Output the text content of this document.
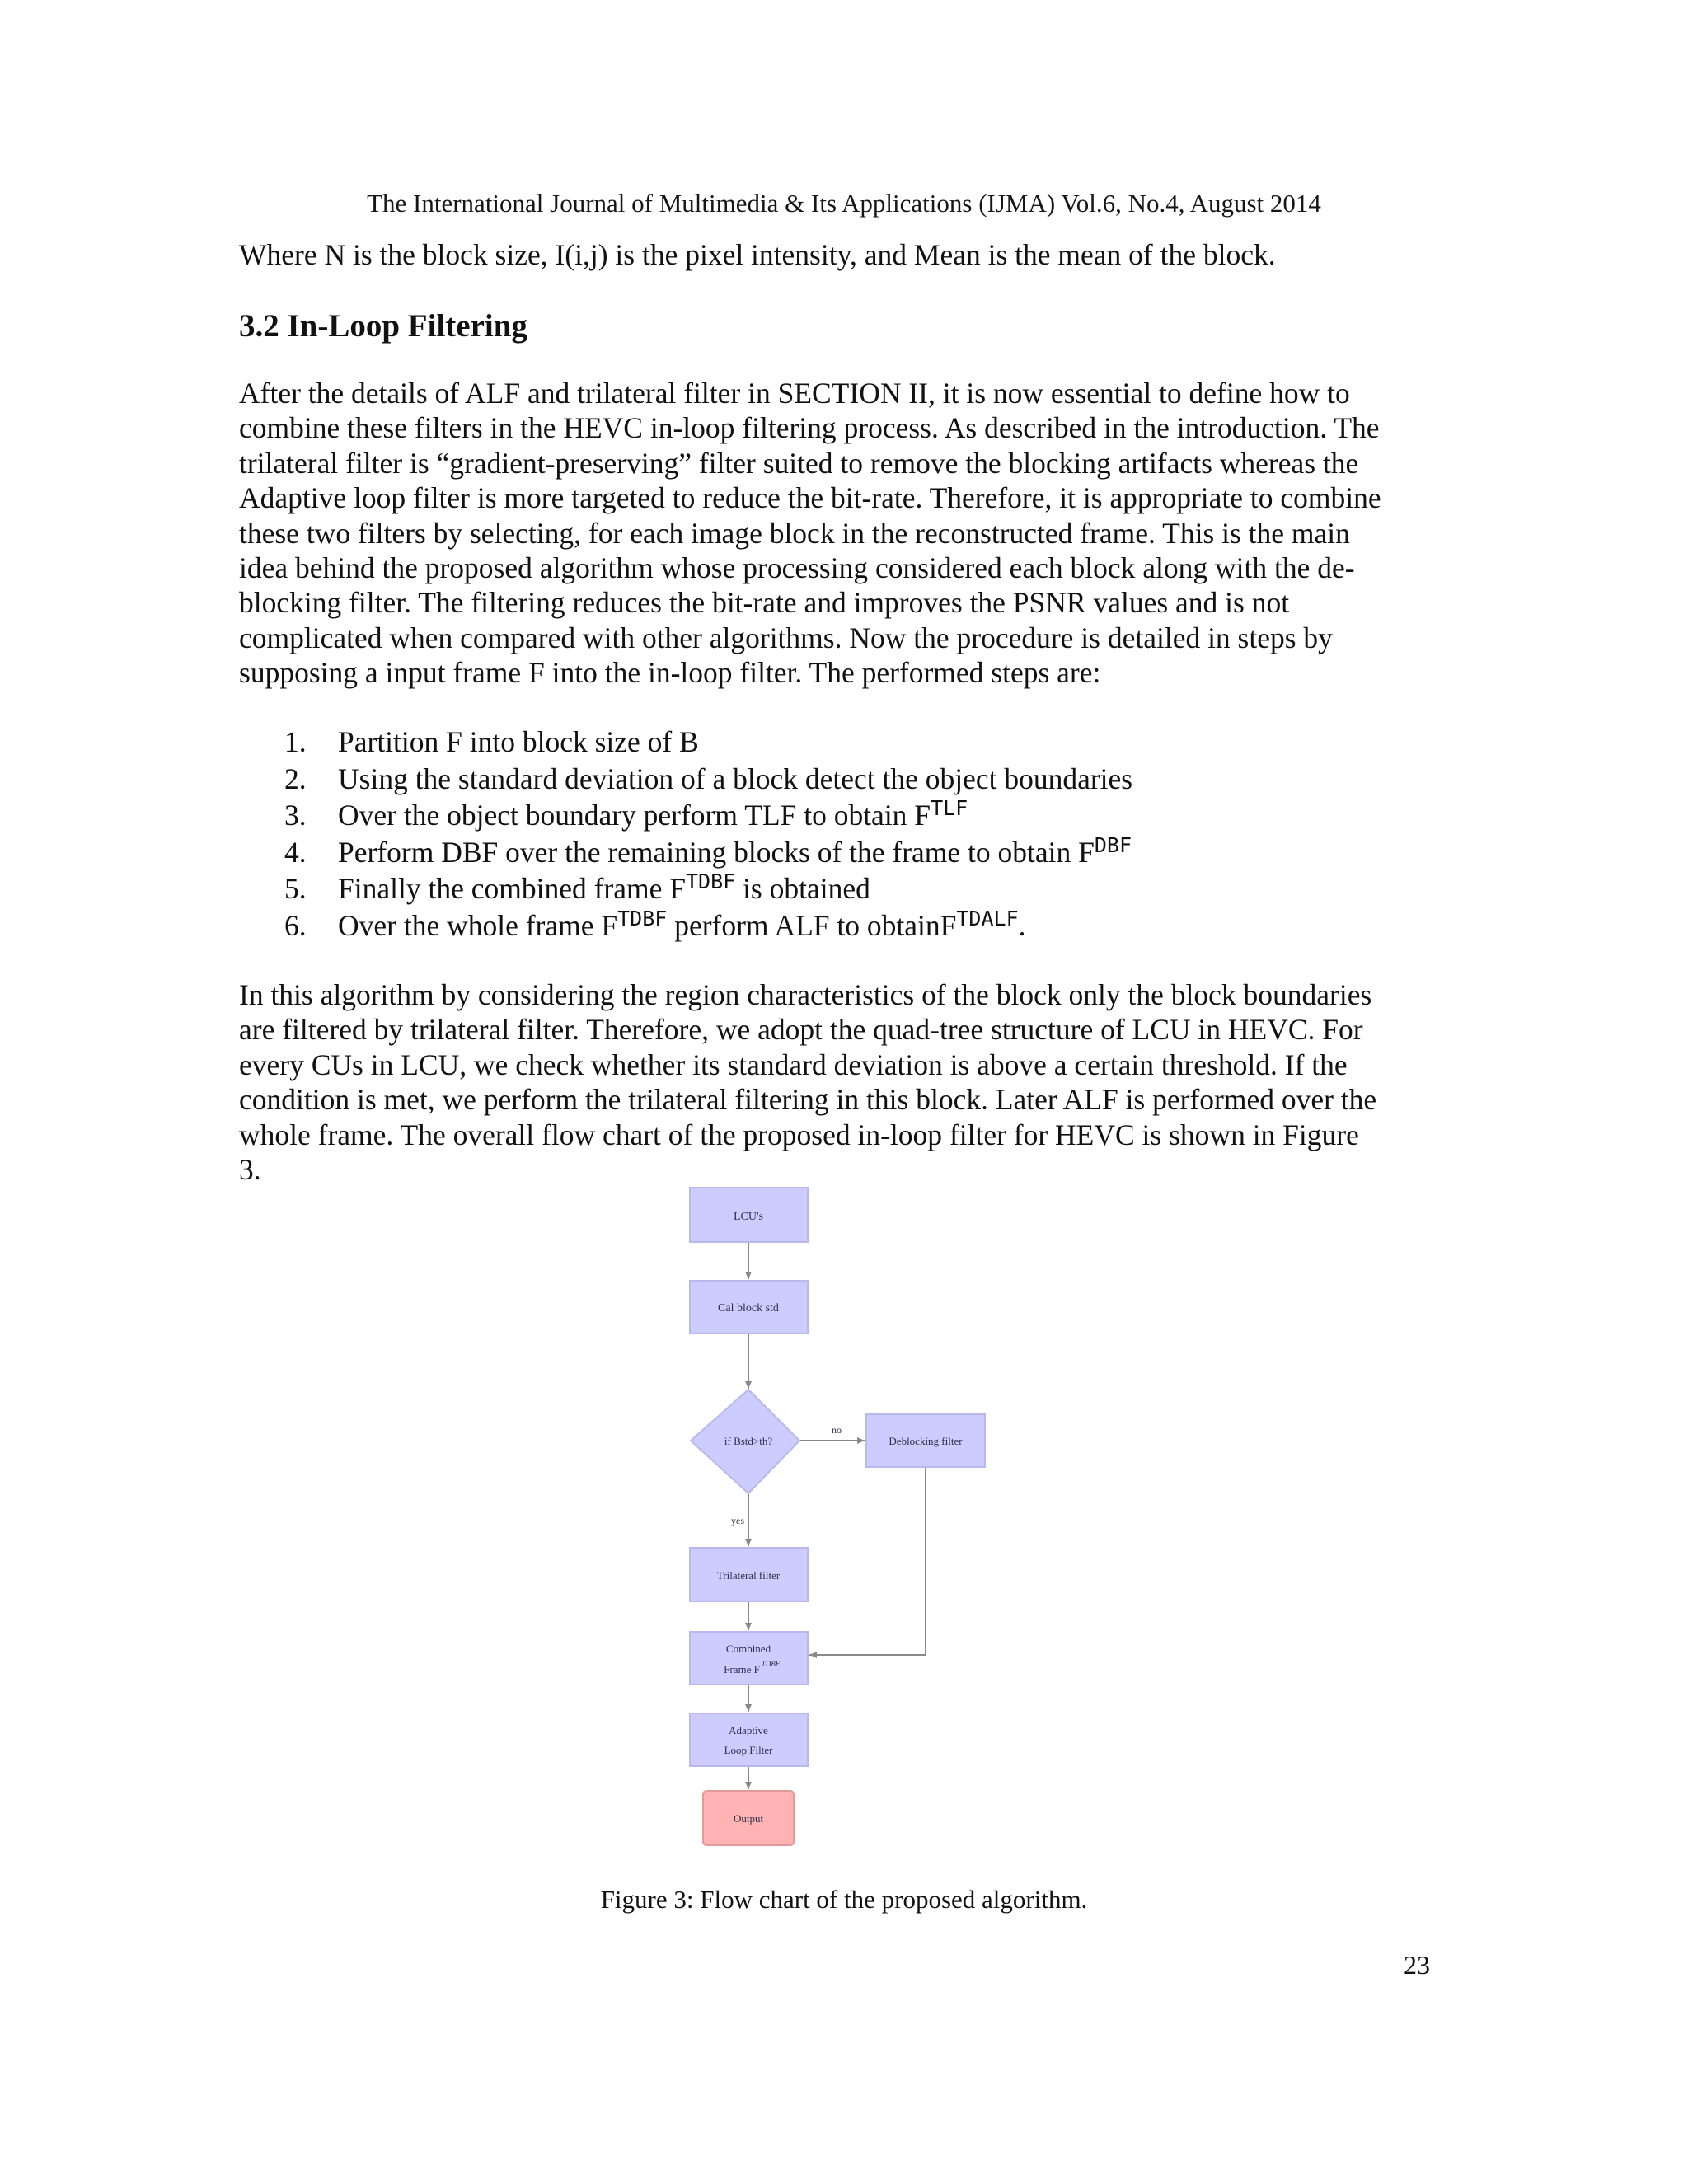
The International Journal of Multimedia & Its Applications (IJMA) Vol.6, No.4, August 2014
Where N is the block size, I(i,j) is the pixel intensity, and Mean is the mean of the block.
3.2 In-Loop Filtering
After the details of ALF and trilateral filter in SECTION II, it is now essential to define how to
combine these filters in the HEVC in-loop filtering process. As described in the introduction. The
trilateral filter is “gradient-preserving” filter suited to remove the blocking artifacts whereas the
Adaptive loop filter is more targeted to reduce the bit-rate. Therefore, it is appropriate to combine
these two filters by selecting, for each image block in the reconstructed frame. This is the main
idea behind the proposed algorithm whose processing considered each block along with the de-
blocking filter. The filtering reduces the bit-rate and improves the PSNR values and is not
complicated when compared with other algorithms. Now the procedure is detailed in steps by
supposing a input frame F into the in-loop filter. The performed steps are:
1. Partition F into block size of B
2. Using the standard deviation of a block detect the object boundaries
3. Over the object boundary perform TLF to obtain $F^{TLF}$
4. Perform DBF over the remaining blocks of the frame to obtain $F^{DBF}$
5. Finally the combined frame $F^{TDBF}$ is obtained
6. Over the whole frame $F^{TDBF}$ perform ALF to obtainF$^{TDALF}$.
In this algorithm by considering the region characteristics of the block only the block boundaries
are filtered by trilateral filter. Therefore, we adopt the quad-tree structure of LCU in HEVC. For
every CUs in LCU, we check whether its standard deviation is above a certain threshold. If the
condition is met, we perform the trilateral filtering in this block. Later ALF is performed over the
whole frame. The overall flow chart of the proposed in-loop filter for HEVC is shown in Figure
3.
LCU's
Cal block std
if Bstd>th?
no
yes
Deblocking filter
Trilateral filter
Combined
Frame F TDBF
Adaptive
Loop Filter
Output
Figure 3: Flow chart of the proposed algorithm.
23
